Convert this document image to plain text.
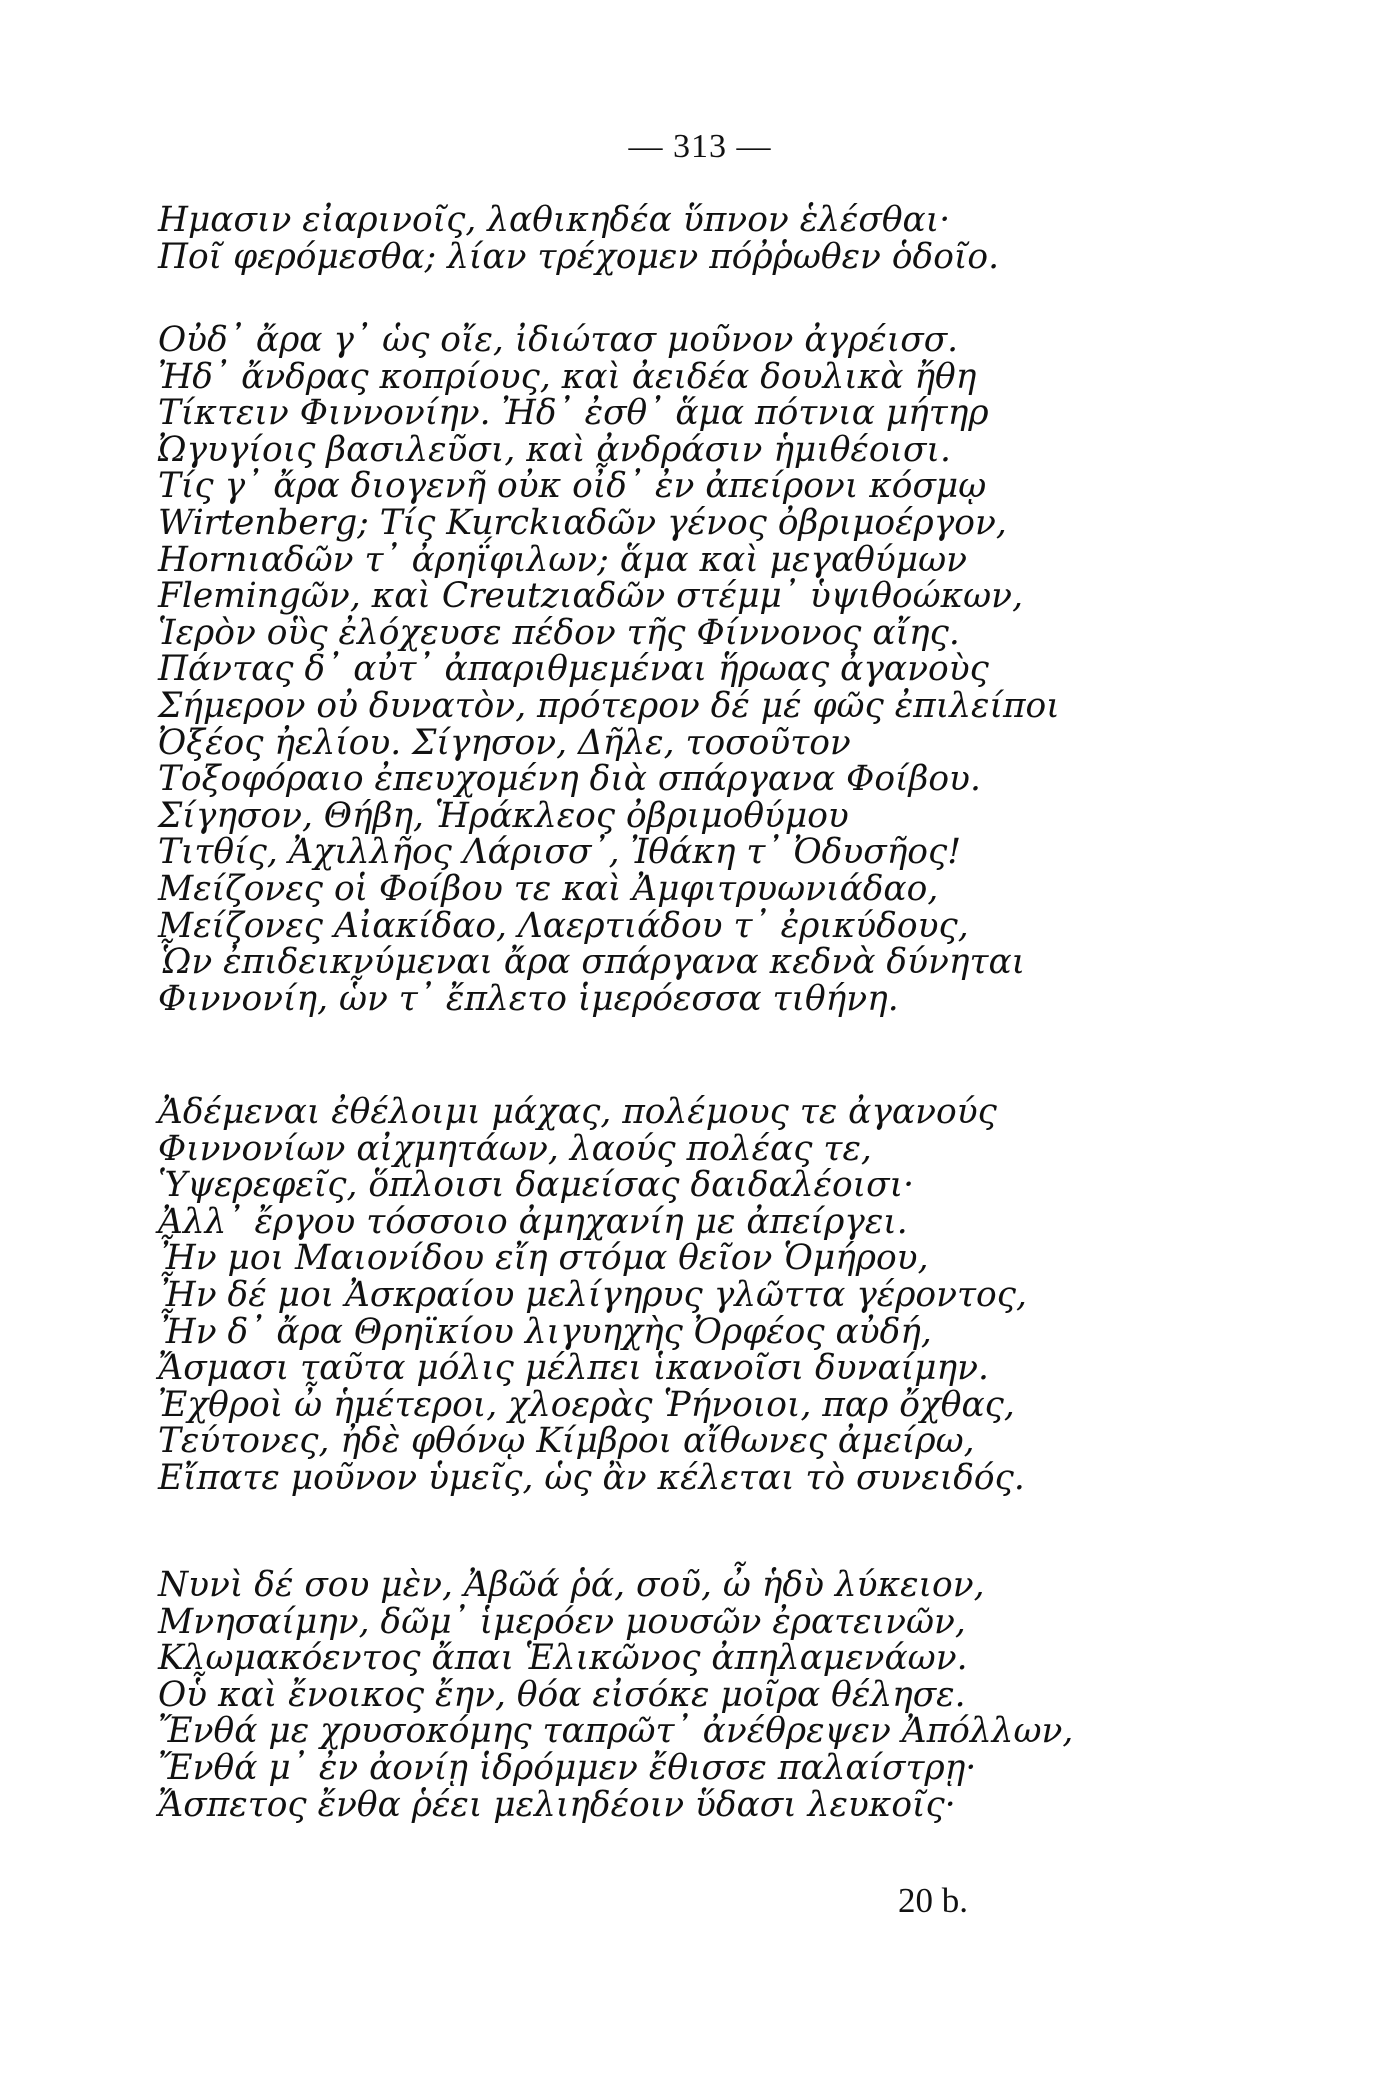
— 313 —
Ημασιν εἰαρινοῖς, λαθικηδέα ὕπνον ἑλέσθαι·
Ποῖ φερόμεσθα; λίαν τρέχομεν πόῤῥωθεν ὁδοῖο.
Οὐδ᾽ ἄρα γ᾽ ὡς οἴε, ἰδιώτασ μοῦνον ἀγρέισσ.
Ἠδ᾽ ἄνδρας κοπρίους, καὶ ἀειδέα δουλικὰ ἤθη
Τίκτειν Φιννονίην. Ἠδ᾽ ἐσθ᾽ ἅμα πότνια μήτηρ
Ὠγυγίοις βασιλεῦσι, καὶ ἀνδράσιν ἡμιθέοισι.
Τίς γ᾽ ἄρα διογενῆ οὐκ οἶδ᾽ ἐν ἀπείρονι κόσμῳ
Wirtenberg; Τίς Kurckιαδῶν γένος ὀβριμοέργον,
Hornιαδῶν τ᾽ ἀρηΐφιλων; ἅμα καὶ μεγαθύμων
Flemingῶν, καὶ Creutzιαδῶν στέμμ᾽ ὑψιθοώκων,
Ἱερὸν οὓς ἐλόχευσε πέδον τῆς Φίννονος αἴης.
Πάντας δ᾽ αὐτ᾽ ἀπαριθμεμέναι ἥρωας ἀγανοὺς
Σήμερον οὐ δυνατὸν, πρότερον δέ μέ φῶς ἐπιλείποι
Ὀξέος ἠελίου. Σίγησον, Δῆλε, τοσοῦτον
Τοξοφόραιο ἐπευχομένη διὰ σπάργανα Φοίβου.
Σίγησον, Θήβη, Ἡράκλεος ὀβριμοθύμου
Τιτθίς, Ἀχιλλῆος Λάρισσ᾽, Ἰθάκη τ᾽ Ὀδυσῆος!
Μείζονες οἱ Φοίβου τε καὶ Ἀμφιτρυωνιάδαο,
Μείζονες Αἰακίδαο, Λαερτιάδου τ᾽ ἐρικύδους,
Ὧν ἐπιδεικνύμεναι ἄρα σπάργανα κεδνὰ δύνηται
Φιννονίη, ὧν τ᾽ ἔπλετο ἱμερόεσσα τιθήνη.
Ἀδέμεναι ἐθέλοιμι μάχας, πολέμους τε ἀγανούς
Φιννονίων αἰχμητάων, λαούς πολέας τε,
Ὑψερεφεῖς, ὅπλοισι δαμείσας δαιδαλέοισι·
Ἀλλ᾽ ἔργου τόσσοιο ἀμηχανίη με ἀπείργει.
Ἦν μοι Μαιονίδου εἴη στόμα θεῖον Ὁμήρου,
Ἦν δέ μοι Ἀσκραίου μελίγηρυς γλῶττα γέροντος,
Ἦν δ᾽ ἄρα Θρηϊκίου λιγυηχὴς Ὀρφέος αὐδή,
Ἄσμασι ταῦτα μόλις μέλπει ἱκανοῖσι δυναίμην.
Ἐχθροὶ ὦ ἡμέτεροι, χλοερὰς Ῥήνοιοι, παρ ὄχθας,
Τεύτονες, ἠδὲ φθόνῳ Κίμβροι αἴθωνες ἀμείρω,
Εἴπατε μοῦνον ὑμεῖς, ὡς ἂν κέλεται τὸ συνειδός.
Νυνὶ δέ σου μὲν, Ἀβῶά ῥά, σοῦ, ὦ ἡδὺ λύκειον,
Μνησαίμην, δῶμ᾽ ἱμερόεν μουσῶν ἐρατεινῶν,
Κλωμακόεντος ἄπαι Ἑλικῶνος ἀπηλαμενάων.
Οὗ καὶ ἔνοικος ἔην, θόα εἰσόκε μοῖρα θέλησε.
Ἔνθά με χρυσοκόμης ταπρῶτ᾽ ἀνέθρεψεν Ἀπόλλων,
Ἔνθά μ᾽ ἐν ἀονίῃ ἱδρόμμεν ἔθισσε παλαίστρῃ·
Ἄσπετος ἔνθα ῥέει μελιηδέοιν ὕδασι λευκοῖς·
20 b.
